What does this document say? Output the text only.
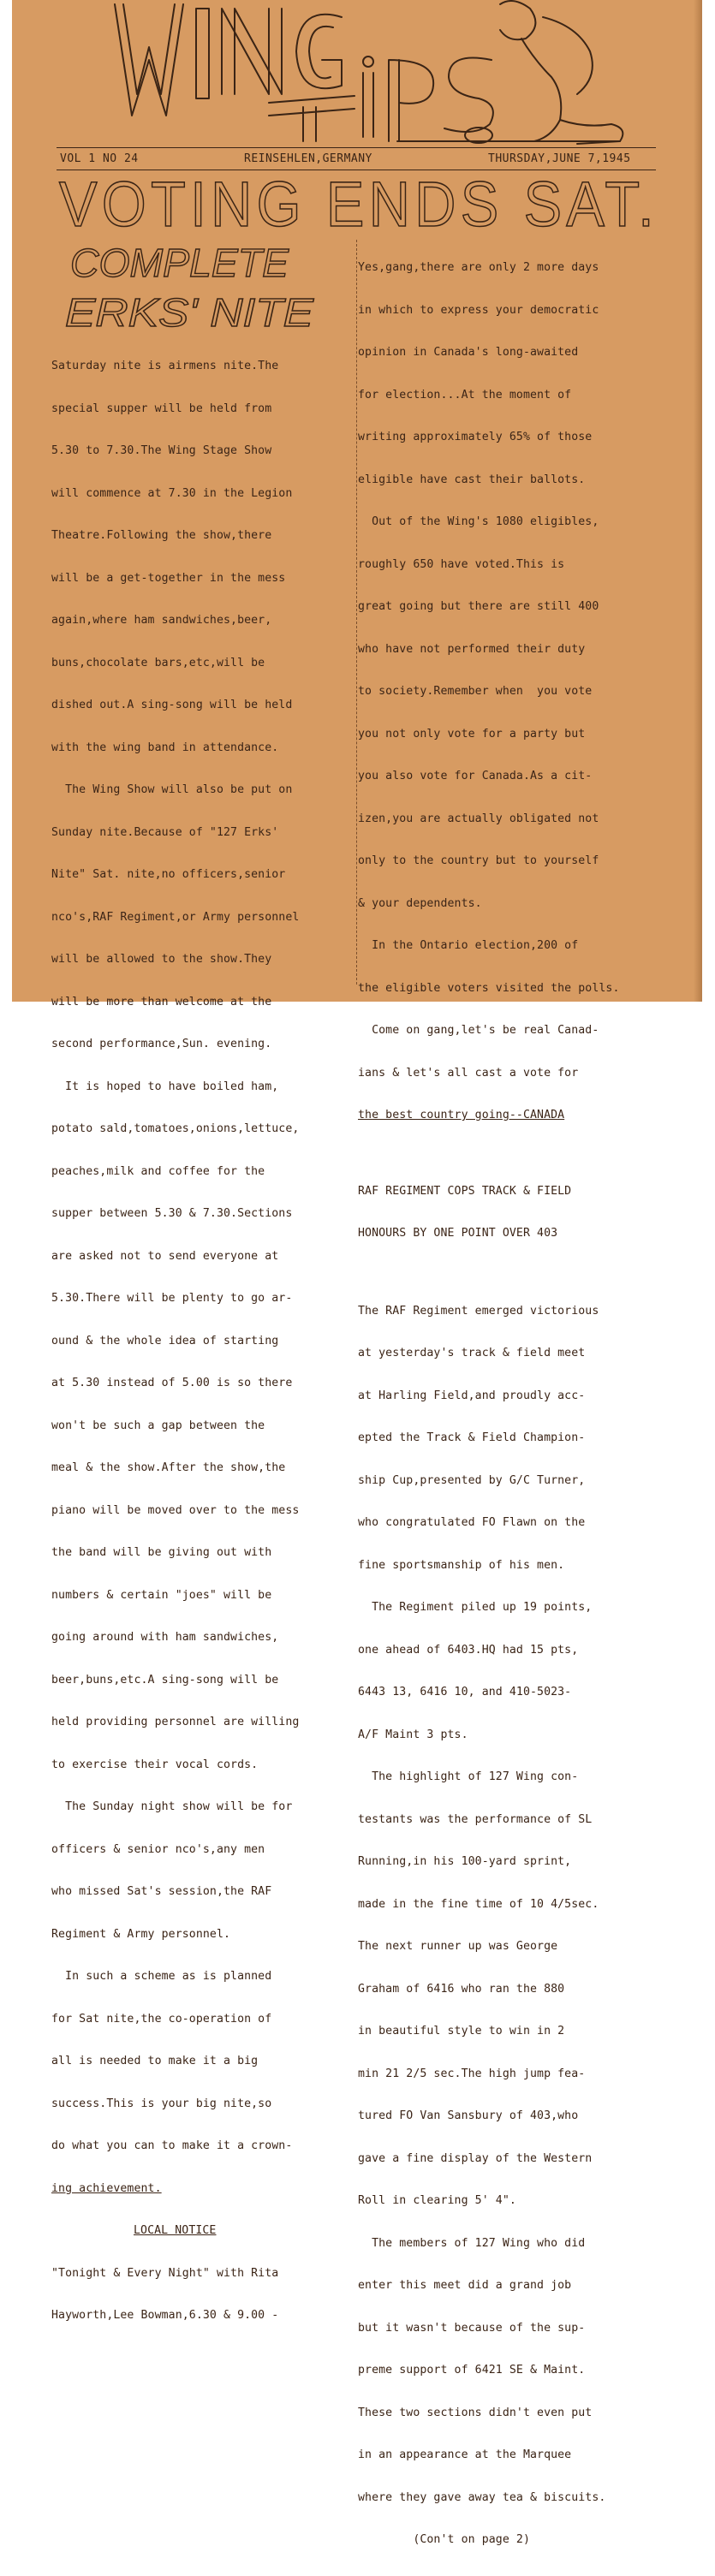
VOL 1 NO 24	REINSEHLEN,GERMANY	THURSDAY,JUNE 7,1945
VOTING ENDS SAT.
COMPLETE
ERKS' NITE

Saturday nite is airmens nite.The

special supper will be held from

5.30 to 7.30.The Wing Stage Show

will commence at 7.30 in the Legion

Theatre.Following the show,there

will be a get-together in the mess

again,where ham sandwiches,beer,

buns,chocolate bars,etc,will be

dished out.A sing-song will be held

with the wing band in attendance.

The Wing Show will also be put on

Sunday nite.Because of "127 Erks'

Nite" Sat. nite,no officers,senior

nco's,RAF Regiment,or Army personnel

will be allowed to the show.They

will be more than welcome at the

second performance,Sun. evening.

It is hoped to have boiled ham,

potato sald,tomatoes,onions,lettuce,

peaches,milk and coffee for the

supper between 5.30 & 7.30.Sections

are asked not to send everyone at

5.30.There will be plenty to go ar-

ound & the whole idea of starting

at 5.30 instead of 5.00 is so there

won't be such a gap between the

meal & the show.After the show,the

piano will be moved over to the mess

the band will be giving out with

numbers & certain "joes" will be

going around with ham sandwiches,

beer,buns,etc.A sing-song will be

held providing personnel are willing

to exercise their vocal cords.

The Sunday night show will be for

officers & senior nco's,any men

who missed Sat's session,the RAF

Regiment & Army personnel.

In such a scheme as is planned

for Sat nite,the co-operation of

all is needed to make it a big

success.This is your big nite,so

do what you can to make it a crown-

ing achievement.

LOCAL NOTICE

"Tonight & Every Night" with Rita

Hayworth,Lee Bowman,6.30 & 9.00 -

Yes,gang,there are only 2 more days

in which to express your democratic

opinion in Canada's long-awaited

for election...At the moment of

writing approximately 65% of those

eligible have cast their ballots.

Out of the Wing's 1080 eligibles,

roughly 650 have voted.This is

great going but there are still 400

who have not performed their duty

to society.Remember when  you vote

you not only vote for a party but

you also vote for Canada.As a cit-

izen,you are actually obligated not

only to the country but to yourself

& your dependents.

In the Ontario election,200 of

the eligible voters visited the polls.

Come on gang,let's be real Canad-

ians & let's all cast a vote for

the best country going--CANADA

RAF REGIMENT COPS TRACK & FIELD

HONOURS BY ONE POINT OVER 403

The RAF Regiment emerged victorious

at yesterday's track & field meet

at Harling Field,and proudly acc-

epted the Track & Field Champion-

ship Cup,presented by G/C Turner,

who congratulated FO Flawn on the

fine sportsmanship of his men.

The Regiment piled up 19 points,

one ahead of 6403.HQ had 15 pts,

6443 13, 6416 10, and 410-5023-

A/F Maint 3 pts.

The highlight of 127 Wing con-

testants was the performance of SL

Running,in his 100-yard sprint,

made in the fine time of 10 4/5sec.

The next runner up was George

Graham of 6416 who ran the 880

in beautiful style to win in 2

min 21 2/5 sec.The high jump fea-

tured FO Van Sansbury of 403,who

gave a fine display of the Western

Roll in clearing 5' 4".

The members of 127 Wing who did

enter this meet did a grand job

but it wasn't because of the sup-

preme support of 6421 SE & Maint.

These two sections didn't even put

in an appearance at the Marquee

where they gave away tea & biscuits.

(Con't on page 2)
